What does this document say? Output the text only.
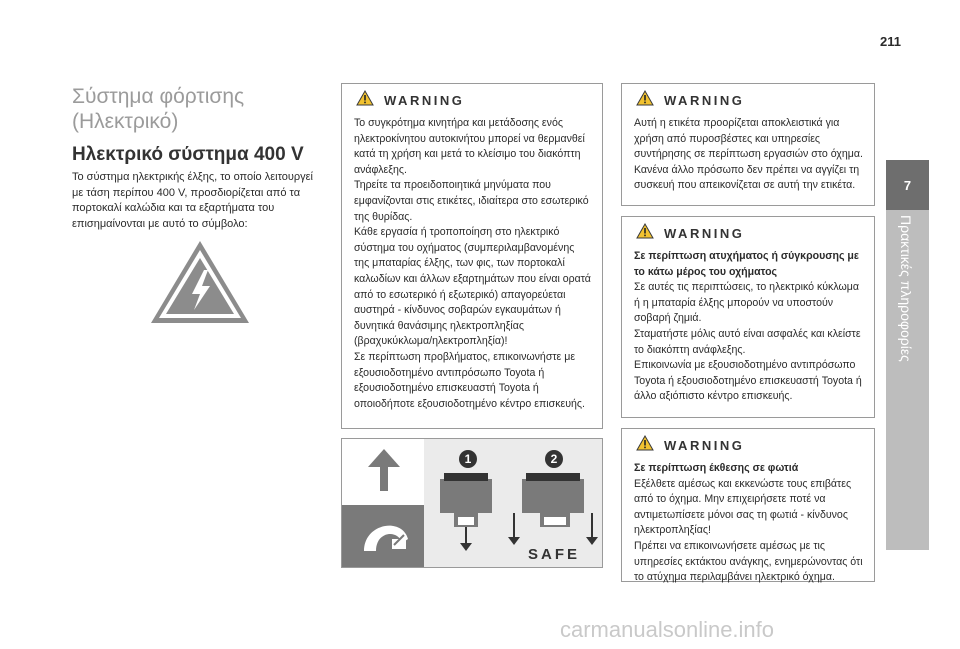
211
7
Πρακτικές πληροφορίες
Σύστημα φόρτισης (Ηλεκτρικό)
Ηλεκτρικό σύστημα 400 V

Το σύστημα ηλεκτρικής έλξης, το οποίο λειτουργεί με τάση περίπου 400 V, προσδιορίζεται από τα πορτοκαλί καλώδια και τα εξαρτήματα του επισημαίνονται με αυτό το σύμβολο:

WARNING

Το συγκρότημα κινητήρα και μετάδοσης ενός ηλεκτροκίνητου αυτοκινήτου μπορεί να θερμανθεί κατά τη χρήση και μετά το κλείσιμο του διακόπτη ανάφλεξης.

Τηρείτε τα προειδοποιητικά μηνύματα που εμφανίζονται στις ετικέτες, ιδιαίτερα στο εσωτερικό της θυρίδας.

Κάθε εργασία ή τροποποίηση στο ηλεκτρικό σύστημα του οχήματος (συμπεριλαμβανομένης της μπαταρίας έλξης, των φις, των πορτοκαλί καλωδίων και άλλων εξαρτημάτων που είναι ορατά από το εσωτερικό ή εξωτερικό) απαγορεύεται αυστηρά - κίνδυνος σοβαρών εγκαυμάτων ή δυνητικά θανάσιμης ηλεκτροπληξίας (βραχυκύκλωμα/ηλεκτροπληξία)!

Σε περίπτωση προβλήματος, επικοινωνήστε με εξουσιοδοτημένο αντιπρόσωπο Toyota ή εξουσιοδοτημένο επισκευαστή Toyota ή οποιοδήποτε εξουσιοδοτημένο κέντρο επισκευής.

1	2
SAFE
WARNING

Αυτή η ετικέτα προορίζεται αποκλειστικά για χρήση από πυροσβέστες και υπηρεσίες συντήρησης σε περίπτωση εργασιών στο όχημα.

Κανένα άλλο πρόσωπο δεν πρέπει να αγγίζει τη συσκευή που απεικονίζεται σε αυτή την ετικέτα.

WARNING

Σε περίπτωση ατυχήματος ή σύγκρουσης με το κάτω μέρος του οχήματος

Σε αυτές τις περιπτώσεις, το ηλεκτρικό κύκλωμα ή η μπαταρία έλξης μπορούν να υποστούν σοβαρή ζημιά.

Σταματήστε μόλις αυτό είναι ασφαλές και κλείστε το διακόπτη ανάφλεξης.

Επικοινωνία με εξουσιοδοτημένο αντιπρόσωπο Toyota ή εξουσιοδοτημένο επισκευαστή Toyota ή άλλο αξιόπιστο κέντρο επισκευής.

WARNING

Σε περίπτωση έκθεσης σε φωτιά

Εξέλθετε αμέσως και εκκενώστε τους επιβάτες από το όχημα. Μην επιχειρήσετε ποτέ να αντιμετωπίσετε μόνοι σας τη φωτιά - κίνδυνος ηλεκτροπληξίας!

Πρέπει να επικοινωνήσετε αμέσως με τις υπηρεσίες εκτάκτου ανάγκης, ενημερώνοντας ότι το ατύχημα περιλαμβάνει ηλεκτρικό όχημα.

carmanualsonline.info
